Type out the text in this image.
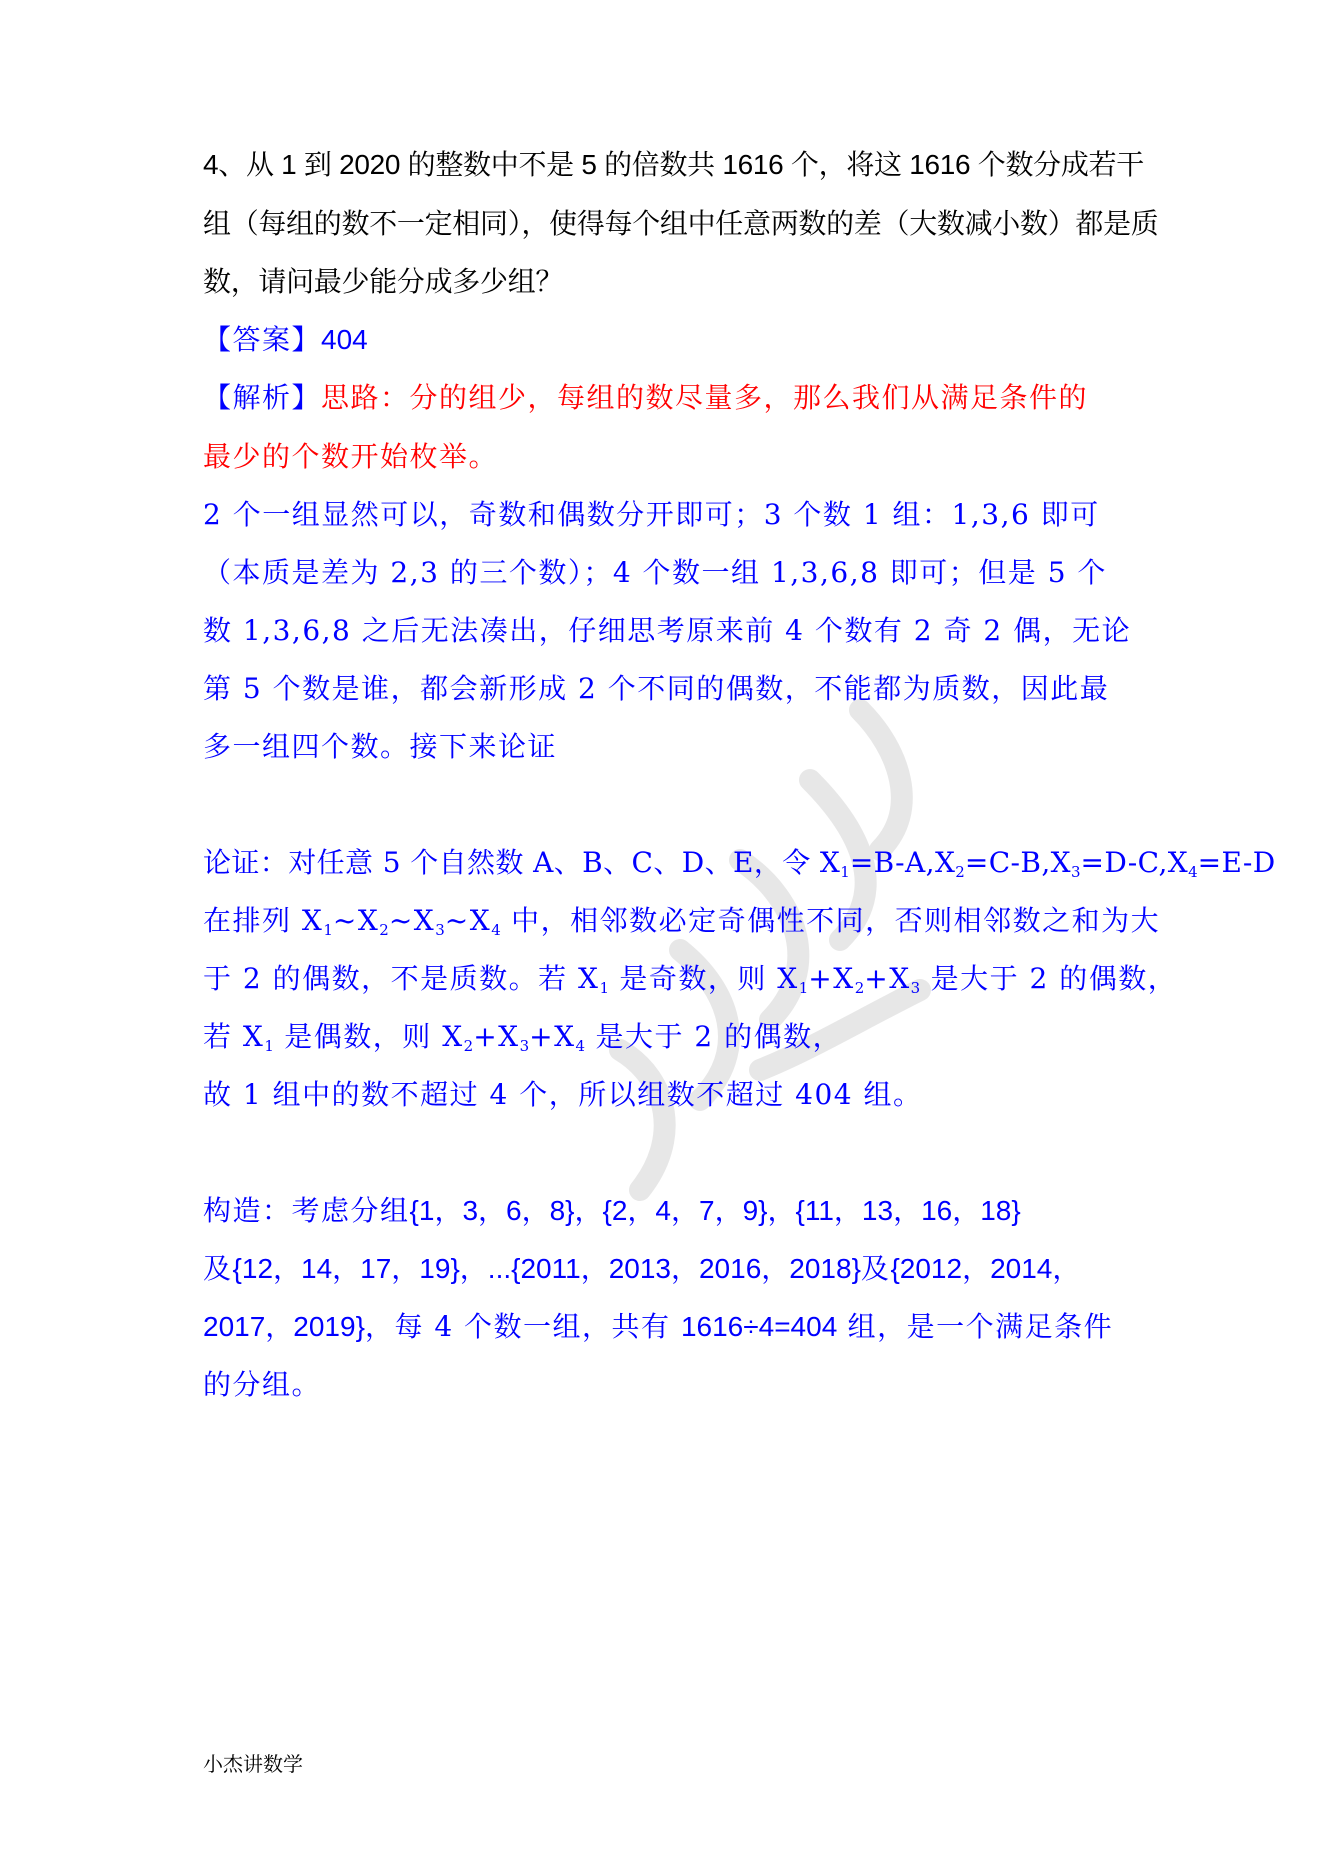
4、从 1 到 2020 的整数中不是 5 的倍数共 1616 个，将这 1616 个数分成若干
组（每组的数不一定相同），使得每个组中任意两数的差（大数减小数）都是质
数，请问最少能分成多少组？
【答案】404
【解析】思路：分的组少，每组的数尽量多，那么我们从满足条件的
最少的个数开始枚举。
2 个一组显然可以，奇数和偶数分开即可；3 个数 1 组：1,3,6 即可
（本质是差为 2,3 的三个数）；4 个数一组 1,3,6,8 即可；但是 5 个
数 1,3,6,8 之后无法凑出，仔细思考原来前 4 个数有 2 奇 2 偶，无论
第 5 个数是谁，都会新形成 2 个不同的偶数，不能都为质数，因此最
多一组四个数。接下来论证
论证：对任意 5 个自然数 A、B、C、D、E，令 $X_1=B-A,X_2=C-B,X_3=D-C,X_4=E-D$
在排列 $X_1\sim X_2\sim X_3\sim X_4$ 中，相邻数必定奇偶性不同，否则相邻数之和为大
于 2 的偶数，不是质数。若 $X_1$ 是奇数，则 $X_1+X_2+X_3$ 是大于 2 的偶数，
若 $X_1$ 是偶数，则 $X_2+X_3+X_4$ 是大于 2 的偶数，
故 1 组中的数不超过 4 个，所以组数不超过 404 组。
构造：考虑分组{1，3，6，8}，{2，4，7，9}，{11，13，16，18}
及{12，14，17，19}，...{2011，2013，2016，2018}及{2012，2014，
2017，2019}，每 4 个数一组，共有 1616÷4=404 组，是一个满足条件
的分组。
小杰讲数学
